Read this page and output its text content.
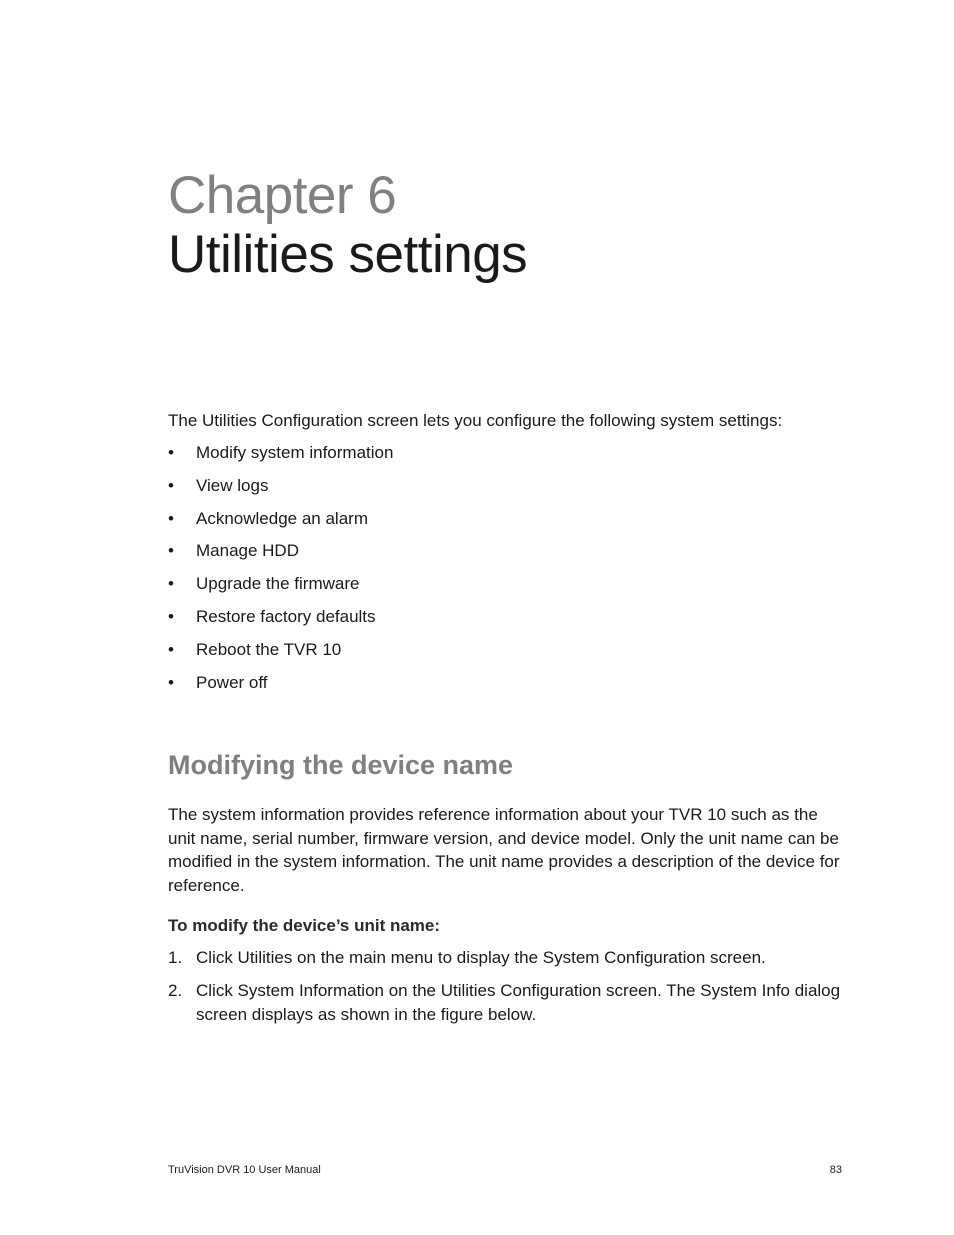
Chapter 6
Utilities settings

The Utilities Configuration screen lets you configure the following system settings:

•	Modify system information
•	View logs
•	Acknowledge an alarm
•	Manage HDD
•	Upgrade the firmware
•	Restore factory defaults
•	Reboot the TVR 10
•	Power off
Modifying the device name

The system information provides reference information about your TVR 10 such as the unit name, serial number, firmware version, and device model. Only the unit name can be modified in the system information. The unit name provides a description of the device for reference.

To modify the device’s unit name:

1. Click Utilities on the main menu to display the System Configuration screen.
2. Click System Information on the Utilities Configuration screen. The System Info dialog screen displays as shown in the figure below.
TruVision DVR 10 User Manual	83
